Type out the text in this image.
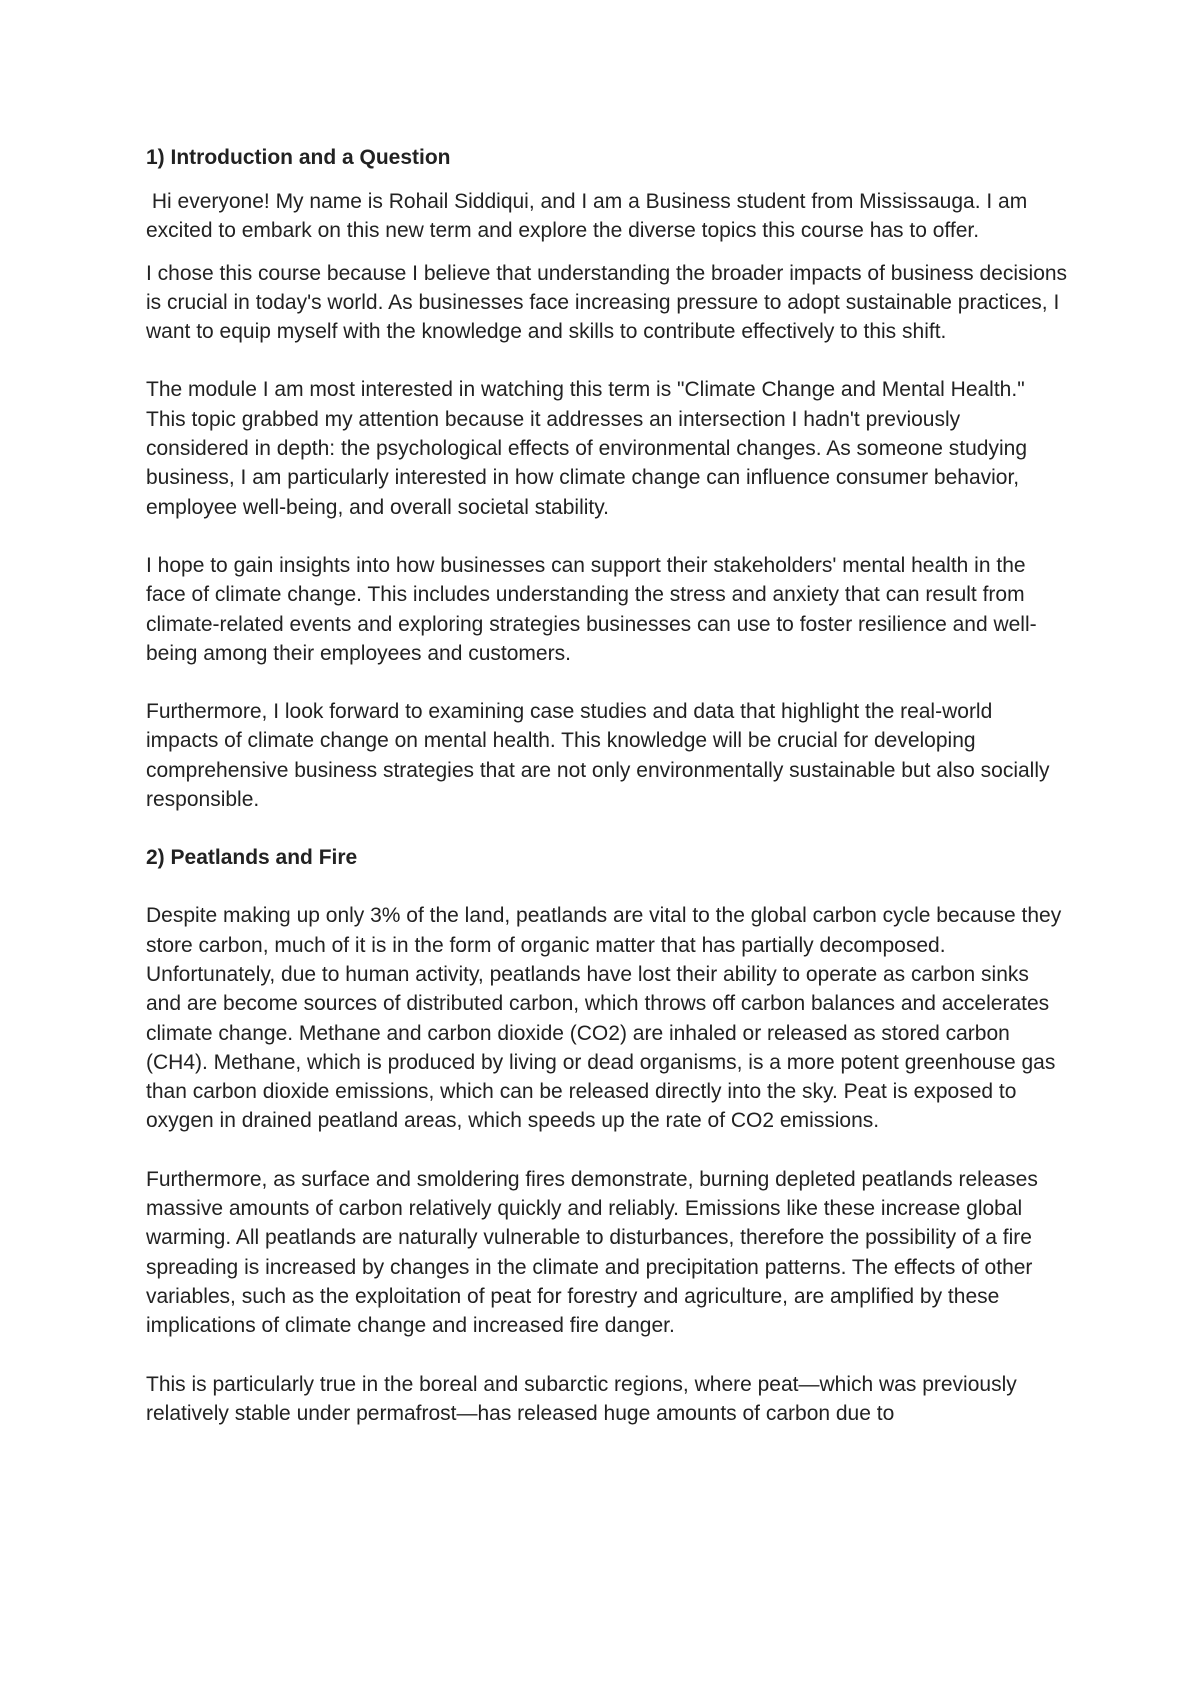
1) Introduction and a Question

Hi everyone! My name is Rohail Siddiqui, and I am a Business student from Mississauga. I am excited to embark on this new term and explore the diverse topics this course has to offer.

I chose this course because I believe that understanding the broader impacts of business decisions is crucial in today's world. As businesses face increasing pressure to adopt sustainable practices, I want to equip myself with the knowledge and skills to contribute effectively to this shift.

The module I am most interested in watching this term is "Climate Change and Mental Health." This topic grabbed my attention because it addresses an intersection I hadn't previously considered in depth: the psychological effects of environmental changes. As someone studying business, I am particularly interested in how climate change can influence consumer behavior, employee well-being, and overall societal stability.

I hope to gain insights into how businesses can support their stakeholders' mental health in the face of climate change. This includes understanding the stress and anxiety that can result from climate-related events and exploring strategies businesses can use to foster resilience and well-being among their employees and customers.

Furthermore, I look forward to examining case studies and data that highlight the real-world impacts of climate change on mental health. This knowledge will be crucial for developing comprehensive business strategies that are not only environmentally sustainable but also socially responsible.

2) Peatlands and Fire

Despite making up only 3% of the land, peatlands are vital to the global carbon cycle because they store carbon, much of it is in the form of organic matter that has partially decomposed. Unfortunately, due to human activity, peatlands have lost their ability to operate as carbon sinks and are become sources of distributed carbon, which throws off carbon balances and accelerates climate change. Methane and carbon dioxide (CO2) are inhaled or released as stored carbon (CH4). Methane, which is produced by living or dead organisms, is a more potent greenhouse gas than carbon dioxide emissions, which can be released directly into the sky. Peat is exposed to oxygen in drained peatland areas, which speeds up the rate of CO2 emissions.

Furthermore, as surface and smoldering fires demonstrate, burning depleted peatlands releases massive amounts of carbon relatively quickly and reliably. Emissions like these increase global warming. All peatlands are naturally vulnerable to disturbances, therefore the possibility of a fire spreading is increased by changes in the climate and precipitation patterns. The effects of other variables, such as the exploitation of peat for forestry and agriculture, are amplified by these implications of climate change and increased fire danger.

This is particularly true in the boreal and subarctic regions, where peat—which was previously relatively stable under permafrost—has released huge amounts of carbon due to
